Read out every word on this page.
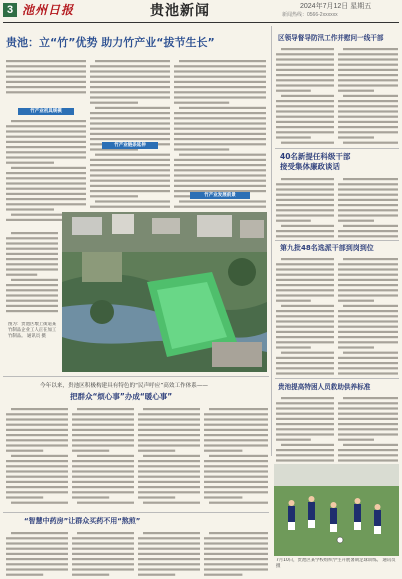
3 池州日报	贵池新闻	2024年7月12日 星期五
新闻热线：0566-2xxxxxx
贵池：立“竹”优势 助力竹产业“拔节生长”
竹产业初具规模
竹产业链条延伸
竹产业发展前景
图为：贵池区墩上街道某竹制品企业工人正在加工竹制品。 通讯员 摄
区领导督导防汛工作并慰问一线干部
40名新提任科级干部
接受集体廉政谈话
第九批48名选派干部到岗到位
今年以来，贵池区积极构建具有特色的“民声呼应”高效工作体系——
把群众“烦心事”办成“暖心事”
“智慧中药房”让群众买药不用“熬煎”
贵池提高特困人员救助供养标准
7月10日，贵池区某学校组织学生开展暑期足球训练。 通讯员 摄
